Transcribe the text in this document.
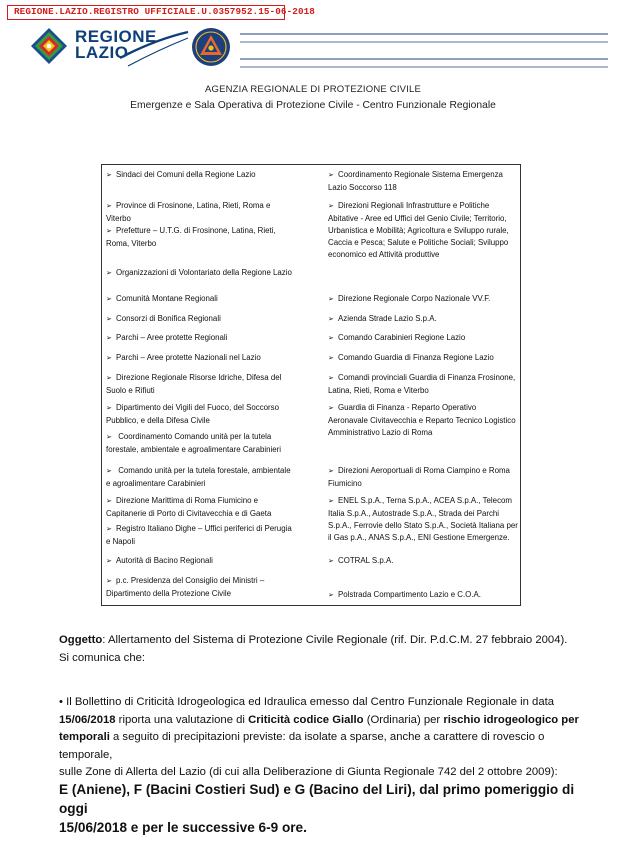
REGIONE.LAZIO.REGISTRO UFFICIALE.U.0357952.15-06-2018
REGIONE
LAZIO
AGENZIA REGIONALE DI PROTEZIONE CIVILE
Emergenze e Sala Operativa di Protezione Civile - Centro Funzionale Regionale
➢ Sindaci dei Comuni della Regione Lazio
➢ Province di Frosinone, Latina, Rieti, Roma e
Viterbo
➢ Prefetture – U.T.G. di Frosinone, Latina, Rieti,
Roma, Viterbo
➢ Organizzazioni di Volontariato della Regione Lazio
➢ Comunità Montane Regionali
➢ Consorzi di Bonifica Regionali
➢ Parchi – Aree protette Regionali
➢ Parchi – Aree protette Nazionali nel Lazio
➢ Direzione Regionale Risorse Idriche, Difesa del
Suolo e Rifiuti
➢ Dipartimento dei Vigili del Fuoco, del Soccorso
Pubblico, e della Difesa Civile
➢ Coordinamento Comando unità per la tutela
forestale, ambientale e agroalimentare Carabinieri
➢ Comando unità per la tutela forestale, ambientale
e agroalimentare Carabinieri
➢ Direzione Marittima di Roma Fiumicino e
Capitanerie di Porto di Civitavecchia e di Gaeta
➢ Registro Italiano Dighe – Uffici periferici di Perugia
e Napoli
➢ Autorità di Bacino Regionali
➢ p.c. Presidenza del Consiglio dei Ministri –
Dipartimento della Protezione Civile
➢ Coordinamento Regionale Sistema Emergenza
Lazio Soccorso 118
➢ Direzioni Regionali Infrastrutture e Politiche
Abitative - Aree ed Uffici del Genio Civile; Territorio,
Urbanistica e Mobilità; Agricoltura e Sviluppo rurale,
Caccia e Pesca; Salute e Politiche Sociali; Sviluppo
economico ed Attività produttive
➢ Direzione Regionale Corpo Nazionale VV.F.
➢ Azienda Strade Lazio S.p.A.
➢ Comando Carabinieri Regione Lazio
➢ Comando Guardia di Finanza Regione Lazio
➢ Comandi provinciali Guardia di Finanza Frosinone,
Latina, Rieti, Roma e Viterbo
➢ Guardia di Finanza - Reparto Operativo
Aeronavale Civitavecchia e Reparto Tecnico Logistico
Amministrativo Lazio di Roma
➢ Direzioni Aeroportuali di Roma Ciampino e Roma
Fiumicino
➢ ENEL S.p.A., Terna S.p.A., ACEA S.p.A., Telecom
Italia S.p.A., Autostrade S.p.A., Strada dei Parchi
S.p.A., Ferrovie dello Stato S.p.A., Società Italiana per
il Gas p.A., ANAS S.p.A., ENI Gestione Emergenze.
➢ COTRAL S.p.A.
➢ Polstrada Compartimento Lazio e C.O.A.
Oggetto: Allertamento del Sistema di Protezione Civile Regionale (rif. Dir. P.d.C.M. 27 febbraio 2004).
Si comunica che:
• Il Bollettino di Criticità Idrogeologica ed Idraulica emesso dal Centro Funzionale Regionale in data
15/06/2018 riporta una valutazione di Criticità codice Giallo (Ordinaria) per rischio idrogeologico per
temporali a seguito di precipitazioni previste: da isolate a sparse, anche a carattere di rovescio o temporale,
sulle Zone di Allerta del Lazio (di cui alla Deliberazione di Giunta Regionale 742 del 2 ottobre 2009):
E (Aniene), F (Bacini Costieri Sud) e G (Bacino del Liri), dal primo pomeriggio di oggi
15/06/2018 e per le successive 6-9 ore.
